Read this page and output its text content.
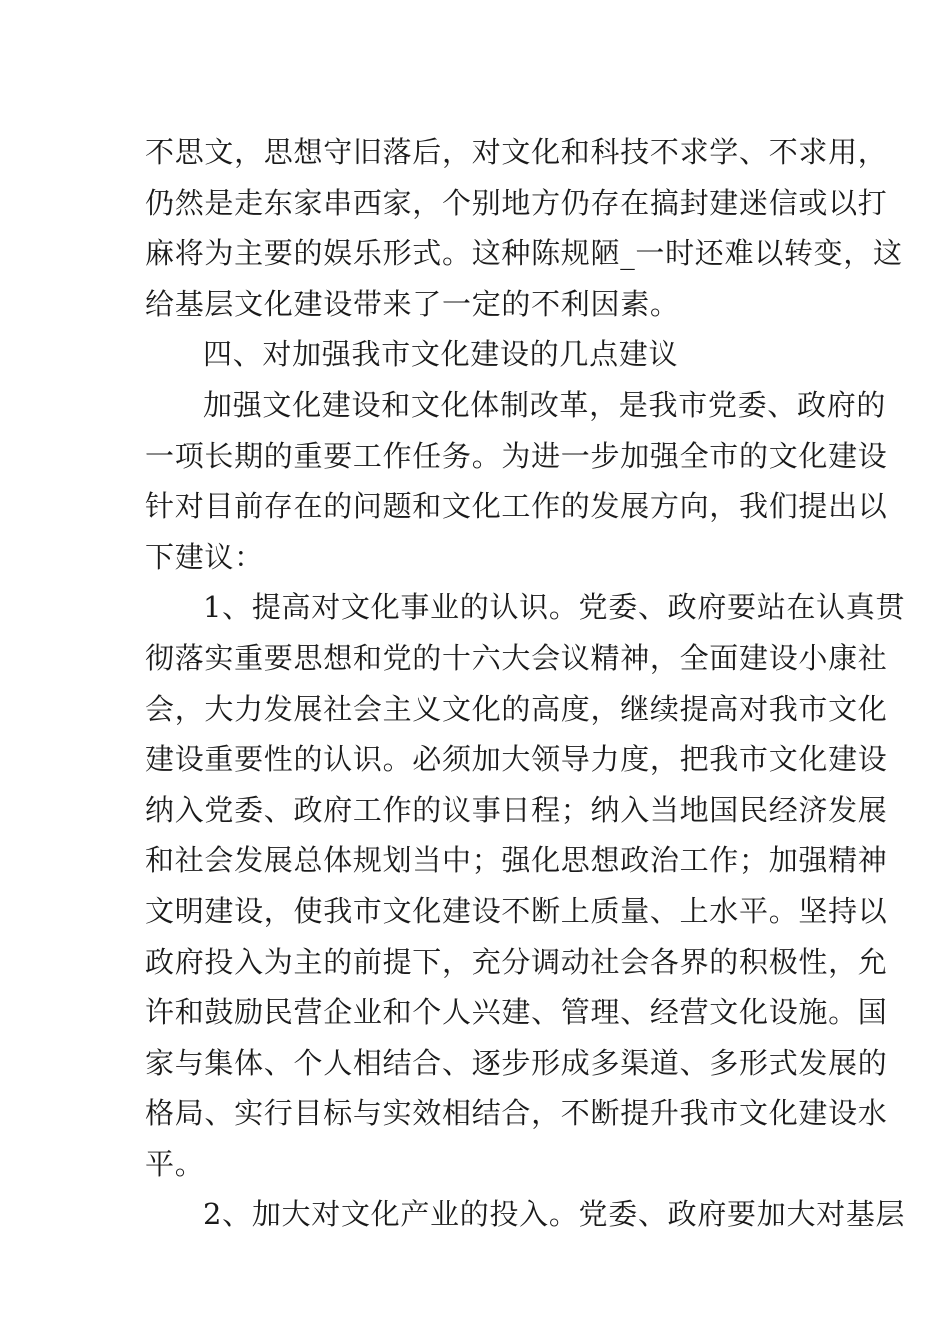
不思文，思想守旧落后，对文化和科技不求学、不求用，
仍然是走东家串西家，个别地方仍存在搞封建迷信或以打
麻将为主要的娱乐形式。这种陈规陋_一时还难以转变，这
给基层文化建设带来了一定的不利因素。
四、对加强我市文化建设的几点建议
加强文化建设和文化体制改革，是我市党委、政府的
一项长期的重要工作任务。为进一步加强全市的文化建设
针对目前存在的问题和文化工作的发展方向，我们提出以
下建议：
1、提高对文化事业的认识。党委、政府要站在认真贯
彻落实重要思想和党的十六大会议精神，全面建设小康社
会，大力发展社会主义文化的高度，继续提高对我市文化
建设重要性的认识。必须加大领导力度，把我市文化建设
纳入党委、政府工作的议事日程；纳入当地国民经济发展
和社会发展总体规划当中；强化思想政治工作；加强精神
文明建设，使我市文化建设不断上质量、上水平。坚持以
政府投入为主的前提下，充分调动社会各界的积极性，允
许和鼓励民营企业和个人兴建、管理、经营文化设施。国
家与集体、个人相结合、逐步形成多渠道、多形式发展的
格局、实行目标与实效相结合，不断提升我市文化建设水
平。
2、加大对文化产业的投入。党委、政府要加大对基层
